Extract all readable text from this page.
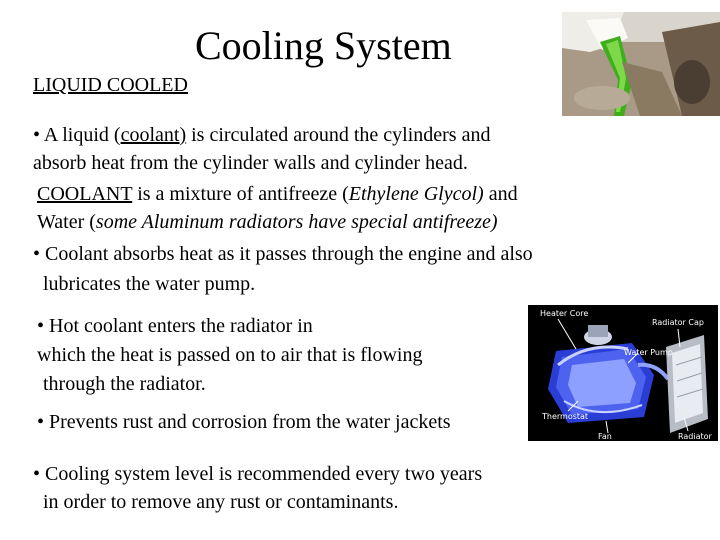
Cooling System
LIQUID COOLED
• A liquid (coolant) is circulated around the cylinders and
absorb heat from the cylinder walls and cylinder head.
COOLANT is a mixture of antifreeze (Ethylene Glycol) and
Water (some Aluminum radiators have special antifreeze)
• Coolant absorbs heat as it passes through the engine and also
lubricates the water pump.
• Hot coolant enters the radiator in
which the heat is passed on to air that is flowing
through the radiator.
• Prevents rust and corrosion from the water jackets
• Cooling system level is recommended every two years
in order to remove any rust or contaminants.
Heater Core
Radiator Cap
Water Pump
Thermostat
Fan	Radiator
